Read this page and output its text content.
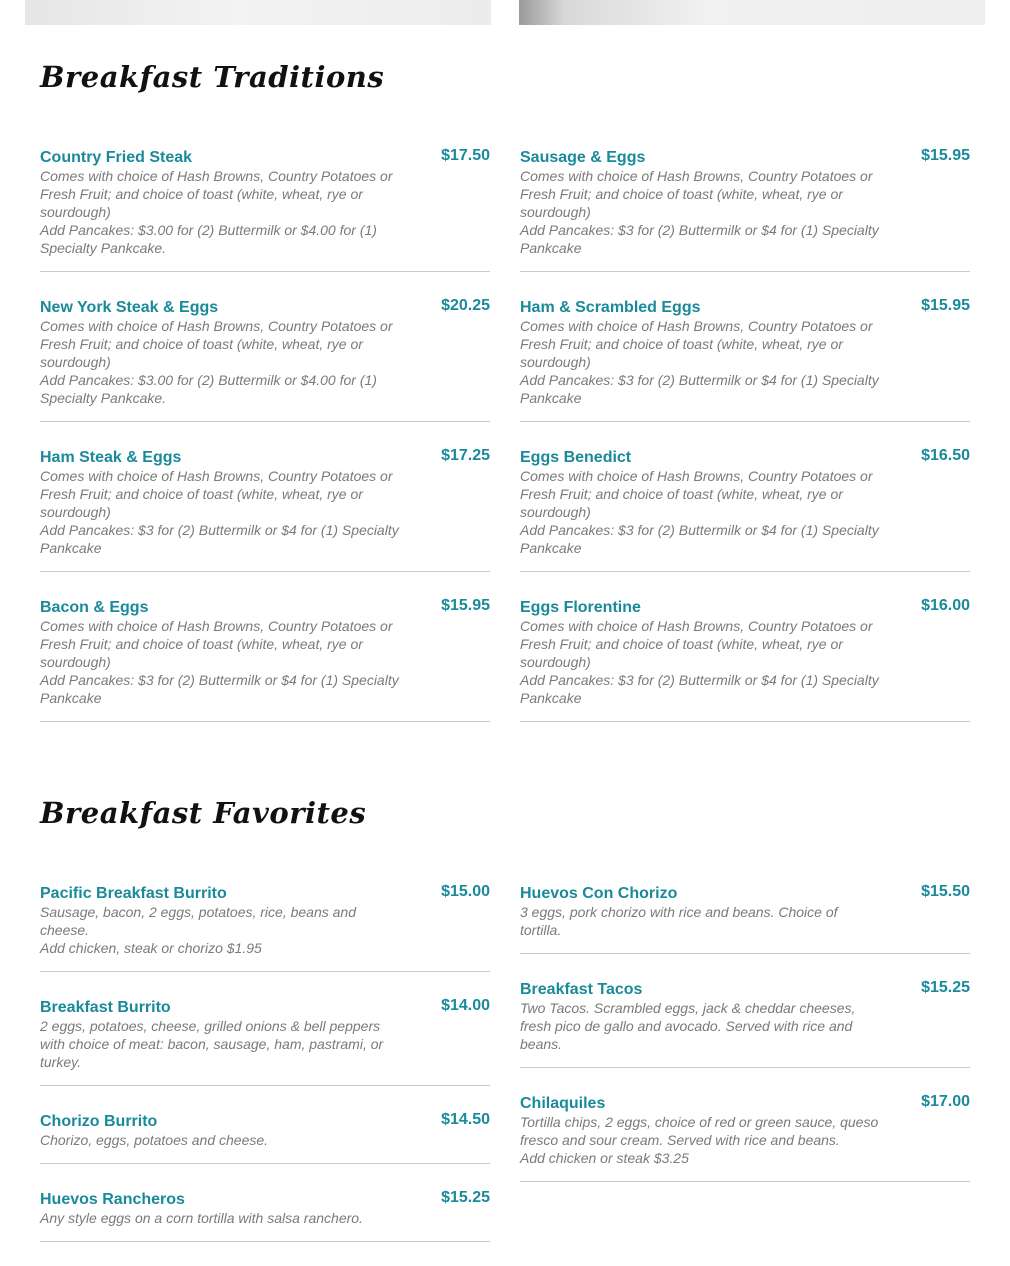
Breakfast Traditions
Country Fried Steak	$17.50
Comes with choice of Hash Browns, Country Potatoes or Fresh Fruit; and choice of toast (white, wheat, rye or sourdough)
Add Pancakes: $3.00 for (2) Buttermilk or $4.00 for (1) Specialty Pankcake.
New York Steak & Eggs	$20.25
Comes with choice of Hash Browns, Country Potatoes or Fresh Fruit; and choice of toast (white, wheat, rye or sourdough)
Add Pancakes: $3.00 for (2) Buttermilk or $4.00 for (1) Specialty Pankcake.
Ham Steak & Eggs	$17.25
Comes with choice of Hash Browns, Country Potatoes or Fresh Fruit; and choice of toast (white, wheat, rye or sourdough)
Add Pancakes: $3 for (2) Buttermilk or $4 for (1) Specialty Pankcake
Bacon & Eggs	$15.95
Comes with choice of Hash Browns, Country Potatoes or Fresh Fruit; and choice of toast (white, wheat, rye or sourdough)
Add Pancakes: $3 for (2) Buttermilk or $4 for (1) Specialty Pankcake
Sausage & Eggs	$15.95
Comes with choice of Hash Browns, Country Potatoes or Fresh Fruit; and choice of toast (white, wheat, rye or sourdough)
Add Pancakes: $3 for (2) Buttermilk or $4 for (1) Specialty Pankcake
Ham & Scrambled Eggs	$15.95
Comes with choice of Hash Browns, Country Potatoes or Fresh Fruit; and choice of toast (white, wheat, rye or sourdough)
Add Pancakes: $3 for (2) Buttermilk or $4 for (1) Specialty Pankcake
Eggs Benedict	$16.50
Comes with choice of Hash Browns, Country Potatoes or Fresh Fruit; and choice of toast (white, wheat, rye or sourdough)
Add Pancakes: $3 for (2) Buttermilk or $4 for (1) Specialty Pankcake
Eggs Florentine	$16.00
Comes with choice of Hash Browns, Country Potatoes or Fresh Fruit; and choice of toast (white, wheat, rye or sourdough)
Add Pancakes: $3 for (2) Buttermilk or $4 for (1) Specialty Pankcake
Breakfast Favorites
Pacific Breakfast Burrito	$15.00
Sausage, bacon, 2 eggs, potatoes, rice, beans and cheese.
Add chicken, steak or chorizo $1.95
Breakfast Burrito	$14.00
2 eggs, potatoes, cheese, grilled onions & bell peppers with choice of meat: bacon, sausage, ham, pastrami, or turkey.
Chorizo Burrito	$14.50
Chorizo, eggs, potatoes and cheese.
Huevos Rancheros	$15.25
Any style eggs on a corn tortilla with salsa ranchero.
Huevos Con Chorizo	$15.50
3 eggs, pork chorizo with rice and beans. Choice of tortilla.
Breakfast Tacos	$15.25
Two Tacos. Scrambled eggs, jack & cheddar cheeses, fresh pico de gallo and avocado. Served with rice and beans.
Chilaquiles	$17.00
Tortilla chips, 2 eggs, choice of red or green sauce, queso fresco and sour cream. Served with rice and beans.
Add chicken or steak $3.25
